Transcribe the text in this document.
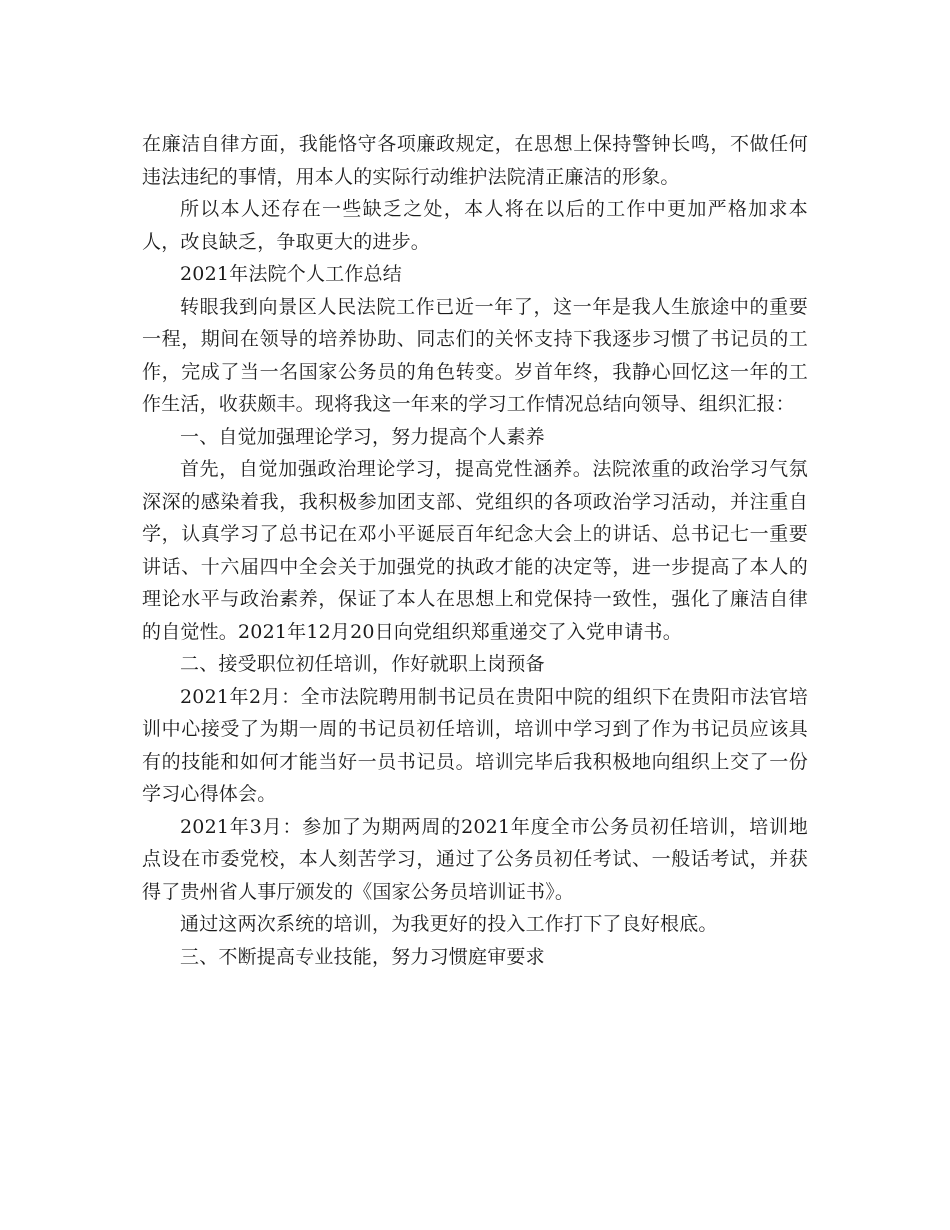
在廉洁自律方面，我能恪守各项廉政规定，在思想上保持警钟长鸣，不做任何违法违纪的事情，用本人的实际行动维护法院清正廉洁的形象。

所以本人还存在一些缺乏之处，本人将在以后的工作中更加严格加求本人，改良缺乏，争取更大的进步。

2021年法院个人工作总结

转眼我到向景区人民法院工作已近一年了，这一年是我人生旅途中的重要一程，期间在领导的培养协助、同志们的关怀支持下我逐步习惯了书记员的工作，完成了当一名国家公务员的角色转变。岁首年终，我静心回忆这一年的工作生活，收获颇丰。现将我这一年来的学习工作情况总结向领导、组织汇报：

一、自觉加强理论学习，努力提高个人素养

首先，自觉加强政治理论学习，提高党性涵养。法院浓重的政治学习气氛深深的感染着我，我积极参加团支部、党组织的各项政治学习活动，并注重自学，认真学习了总书记在邓小平诞辰百年纪念大会上的讲话、总书记七一重要讲话、十六届四中全会关于加强党的执政才能的决定等，进一步提高了本人的理论水平与政治素养，保证了本人在思想上和党保持一致性，强化了廉洁自律的自觉性。2021年12月20日向党组织郑重递交了入党申请书。

二、接受职位初任培训，作好就职上岗预备

2021年2月：全市法院聘用制书记员在贵阳中院的组织下在贵阳市法官培训中心接受了为期一周的书记员初任培训，培训中学习到了作为书记员应该具有的技能和如何才能当好一员书记员。培训完毕后我积极地向组织上交了一份学习心得体会。

2021年3月：参加了为期两周的2021年度全市公务员初任培训，培训地点设在市委党校，本人刻苦学习，通过了公务员初任考试、一般话考试，并获得了贵州省人事厅颁发的《国家公务员培训证书》。

通过这两次系统的培训，为我更好的投入工作打下了良好根底。

三、不断提高专业技能，努力习惯庭审要求
